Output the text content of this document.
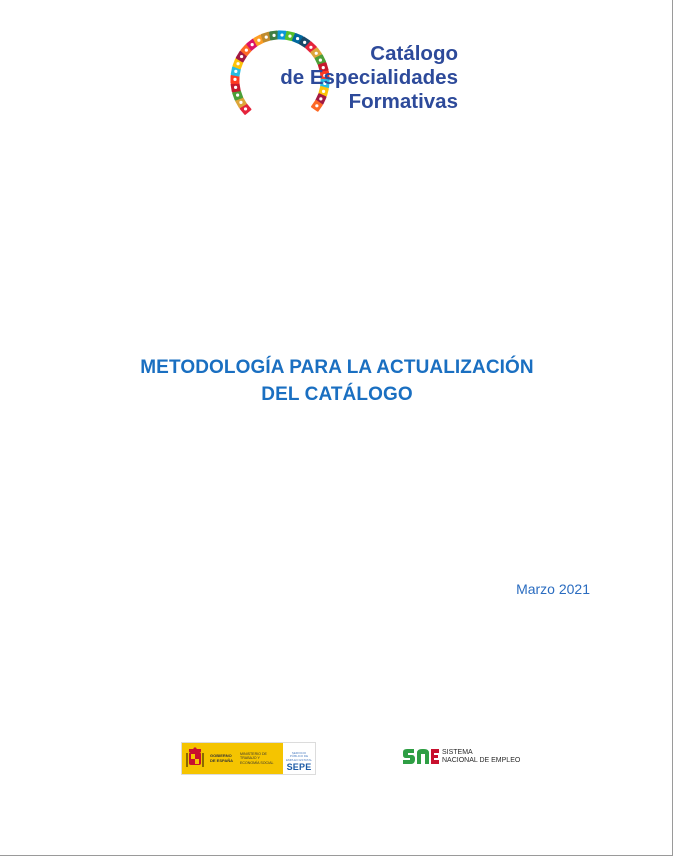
Catálogo
de Especialidades
Formativas
METODOLOGÍA PARA LA ACTUALIZACIÓN
DEL CATÁLOGO
Marzo 2021
GOBIERNO DE ESPAÑA
MINISTERIO DE TRABAJO Y ECONOMÍA SOCIAL
SERVICIO PÚBLICO DE EMPLEO ESTATAL
SEPE
SISTEMA
NACIONAL DE EMPLEO
